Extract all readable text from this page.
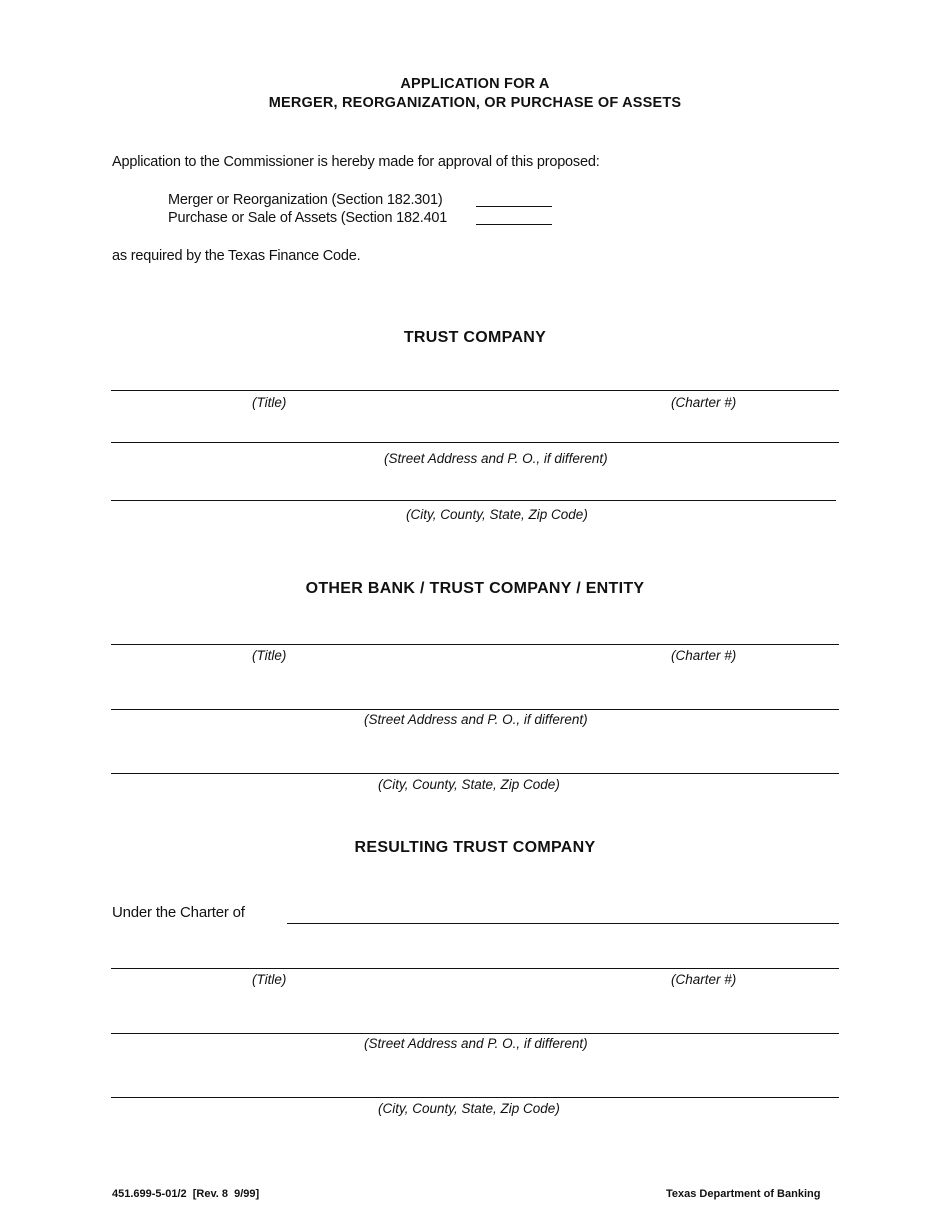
APPLICATION FOR A
MERGER, REORGANIZATION, OR PURCHASE OF ASSETS
Application to the Commissioner is hereby made for approval of this proposed:
Merger or Reorganization (Section 182.301)
Purchase or Sale of Assets (Section 182.401
as required by the Texas Finance Code.
TRUST COMPANY
(Title)	(Charter #)
(Street Address and P. O., if different)
(City, County, State, Zip Code)
OTHER BANK / TRUST COMPANY / ENTITY
(Title)	(Charter #)
(Street Address and P. O., if different)
(City, County, State, Zip Code)
RESULTING TRUST COMPANY
Under the Charter of
(Title)	(Charter #)
(Street Address and P. O., if different)
(City, County, State, Zip Code)
451.699-5-01/2  [Rev. 8  9/99]	Texas Department of Banking
